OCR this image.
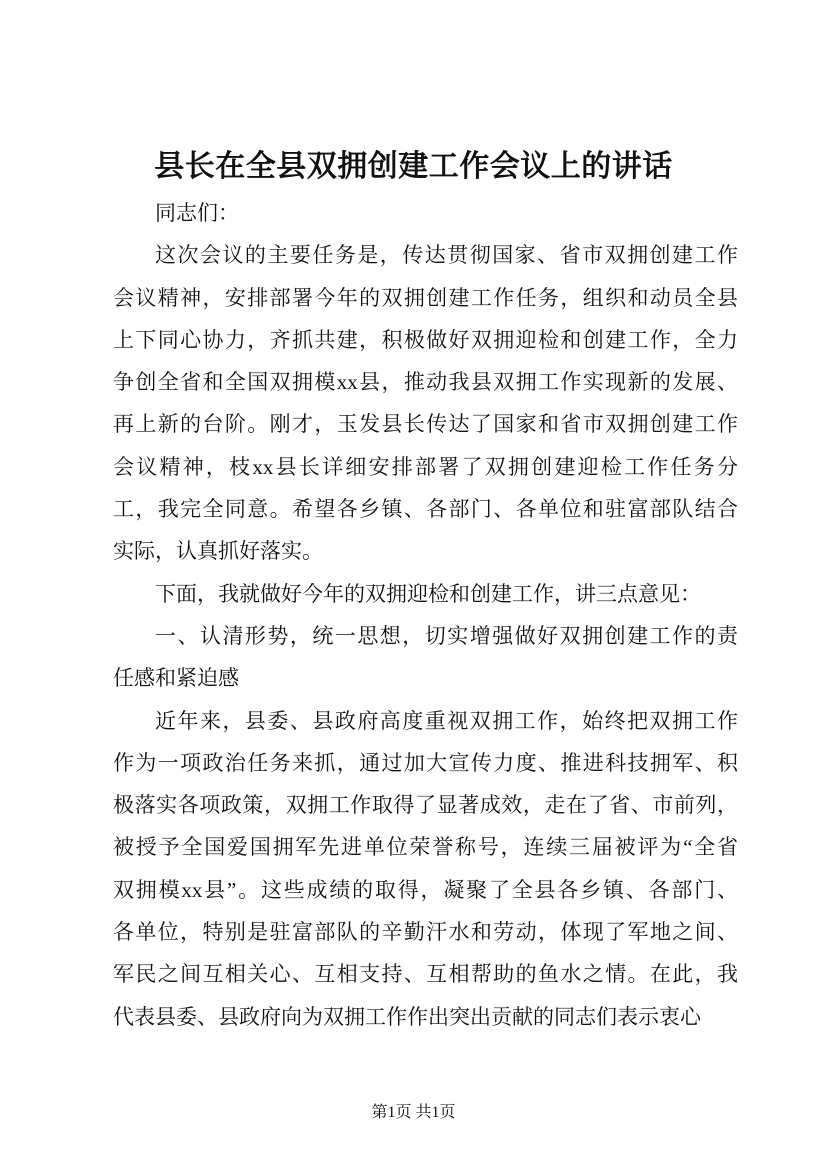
县长在全县双拥创建工作会议上的讲话
同志们：
这次会议的主要任务是，传达贯彻国家、省市双拥创建工作
会议精神，安排部署今年的双拥创建工作任务，组织和动员全县
上下同心协力，齐抓共建，积极做好双拥迎检和创建工作，全力
争创全省和全国双拥模xx县，推动我县双拥工作实现新的发展、
再上新的台阶。刚才，玉发县长传达了国家和省市双拥创建工作
会议精神，枝xx县长详细安排部署了双拥创建迎检工作任务分
工，我完全同意。希望各乡镇、各部门、各单位和驻富部队结合
实际，认真抓好落实。
下面，我就做好今年的双拥迎检和创建工作，讲三点意见：
一、认清形势，统一思想，切实增强做好双拥创建工作的责
任感和紧迫感
近年来，县委、县政府高度重视双拥工作，始终把双拥工作
作为一项政治任务来抓，通过加大宣传力度、推进科技拥军、积
极落实各项政策，双拥工作取得了显著成效，走在了省、市前列，
被授予全国爱国拥军先进单位荣誉称号，连续三届被评为“全省
双拥模xx县”。这些成绩的取得，凝聚了全县各乡镇、各部门、
各单位，特别是驻富部队的辛勤汗水和劳动，体现了军地之间、
军民之间互相关心、互相支持、互相帮助的鱼水之情。在此，我
代表县委、县政府向为双拥工作作出突出贡献的同志们表示衷心
第1页 共1页
